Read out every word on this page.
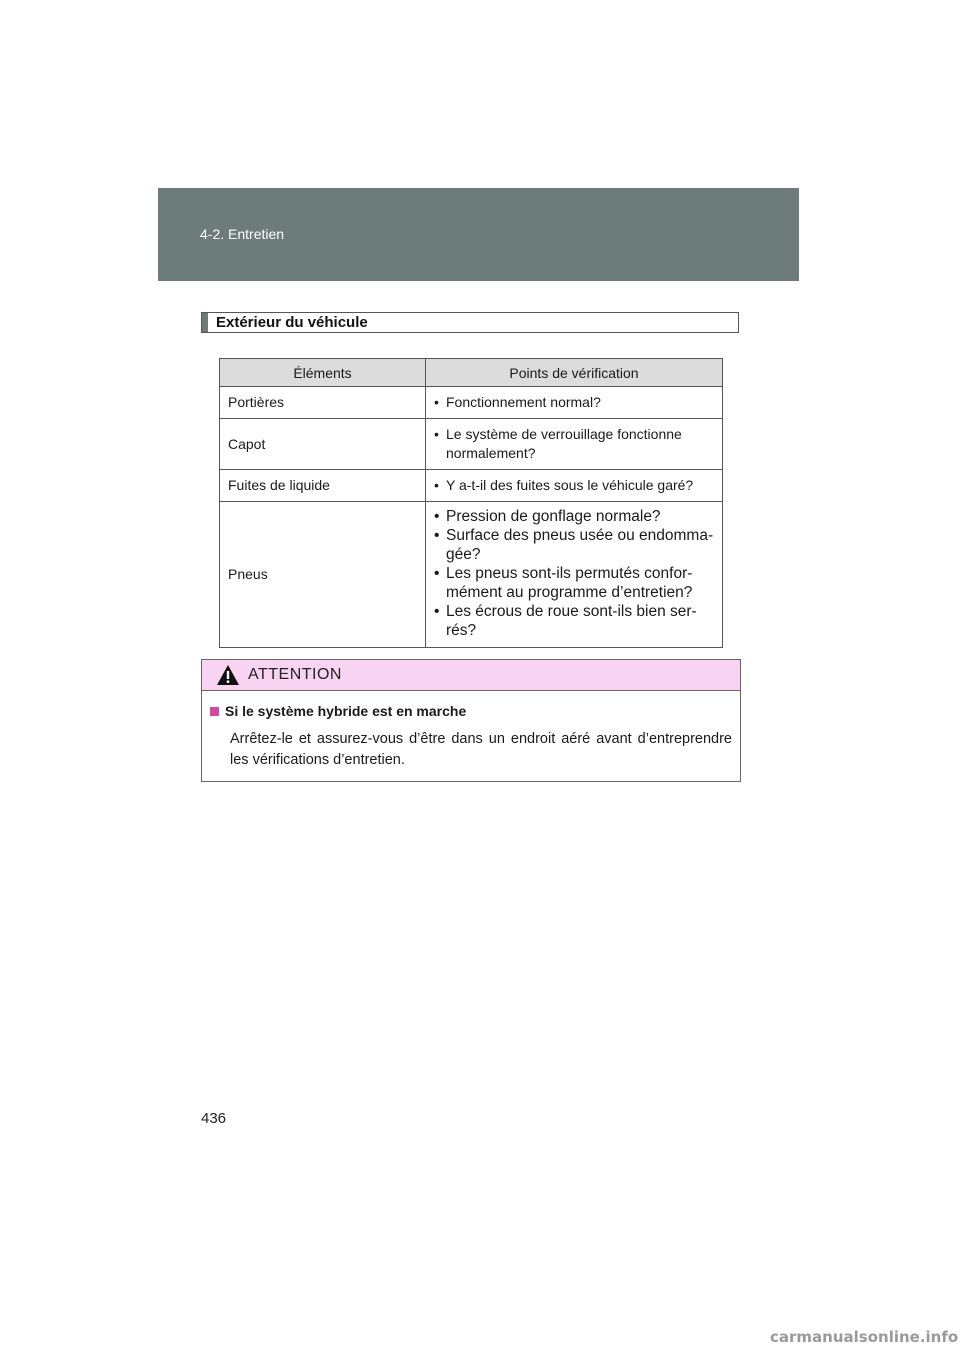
4-2. Entretien
Extérieur du véhicule
Éléments	Points de vérification
Portières	• Fonctionnement normal?

Capot	• Le système de verrouillage fonctionne normalement?

Fuites de liquide	• Y a-t-il des fuites sous le véhicule garé?

Pneus	• Pression de gonflage normale?
• Surface des pneus usée ou endomma-gée?
• Les pneus sont-ils permutés confor-mément au programme d’entretien?
• Les écrous de roue sont-ils bien ser-rés?
ATTENTION
Si le système hybride est en marche
Arrêtez-le et assurez-vous d’être dans un endroit aéré avant d’entreprendre les vérifications d’entretien.
436
carmanualsonline.info
